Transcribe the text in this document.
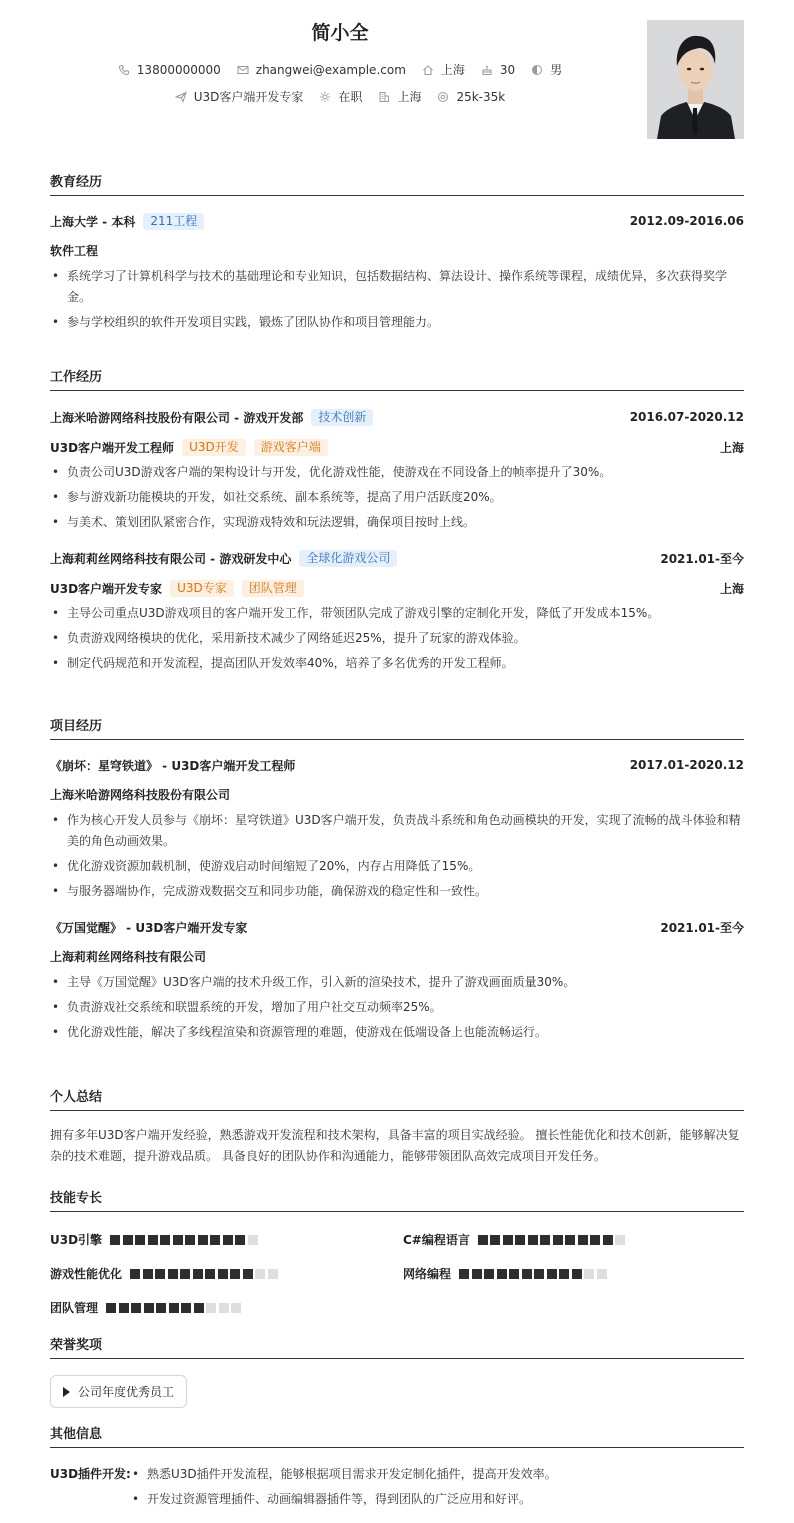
简小全
13800000000	zhangwei@example.com	上海	30	男
U3D客户端开发专家	在职	上海	25k-35k
教育经历
上海大学 - 本科	211工程	2012.09-2016.06
软件工程
• 系统学习了计算机科学与技术的基础理论和专业知识，包括数据结构、算法设计、操作系统等课程，成绩优异，多次获得奖学金。
• 参与学校组织的软件开发项目实践，锻炼了团队协作和项目管理能力。
工作经历
上海米哈游网络科技股份有限公司 - 游戏开发部	技术创新	2016.07-2020.12
U3D客户端开发工程师	U3D开发	游戏客户端	上海
• 负责公司U3D游戏客户端的架构设计与开发，优化游戏性能，使游戏在不同设备上的帧率提升了30%。
• 参与游戏新功能模块的开发，如社交系统、副本系统等，提高了用户活跃度20%。
• 与美术、策划团队紧密合作，实现游戏特效和玩法逻辑，确保项目按时上线。
上海莉莉丝网络科技有限公司 - 游戏研发中心	全球化游戏公司	2021.01-至今
U3D客户端开发专家	U3D专家	团队管理	上海
• 主导公司重点U3D游戏项目的客户端开发工作，带领团队完成了游戏引擎的定制化开发，降低了开发成本15%。
• 负责游戏网络模块的优化，采用新技术减少了网络延迟25%，提升了玩家的游戏体验。
• 制定代码规范和开发流程，提高团队开发效率40%，培养了多名优秀的开发工程师。
项目经历
《崩坏：星穹铁道》 - U3D客户端开发工程师	2017.01-2020.12
上海米哈游网络科技股份有限公司
• 作为核心开发人员参与《崩坏：星穹铁道》U3D客户端开发，负责战斗系统和角色动画模块的开发，实现了流畅的战斗体验和精美的角色动画效果。
• 优化游戏资源加载机制，使游戏启动时间缩短了20%，内存占用降低了15%。
• 与服务器端协作，完成游戏数据交互和同步功能，确保游戏的稳定性和一致性。
《万国觉醒》 - U3D客户端开发专家	2021.01-至今
上海莉莉丝网络科技有限公司
• 主导《万国觉醒》U3D客户端的技术升级工作，引入新的渲染技术，提升了游戏画面质量30%。
• 负责游戏社交系统和联盟系统的开发，增加了用户社交互动频率25%。
• 优化游戏性能，解决了多线程渲染和资源管理的难题，使游戏在低端设备上也能流畅运行。
个人总结
拥有多年U3D客户端开发经验，熟悉游戏开发流程和技术架构，具备丰富的项目实战经验。 擅长性能优化和技术创新，能够解决复杂的技术难题，提升游戏品质。 具备良好的团队协作和沟通能力，能够带领团队高效完成项目开发任务。
技能专长
U3D引擎	C#编程语言
游戏性能优化	网络编程
团队管理
荣誉奖项
公司年度优秀员工
其他信息
U3D插件开发:
•	熟悉U3D插件开发流程，能够根据项目需求开发定制化插件，提高开发效率。
• 开发过资源管理插件、动画编辑器插件等，得到团队的广泛应用和好评。
